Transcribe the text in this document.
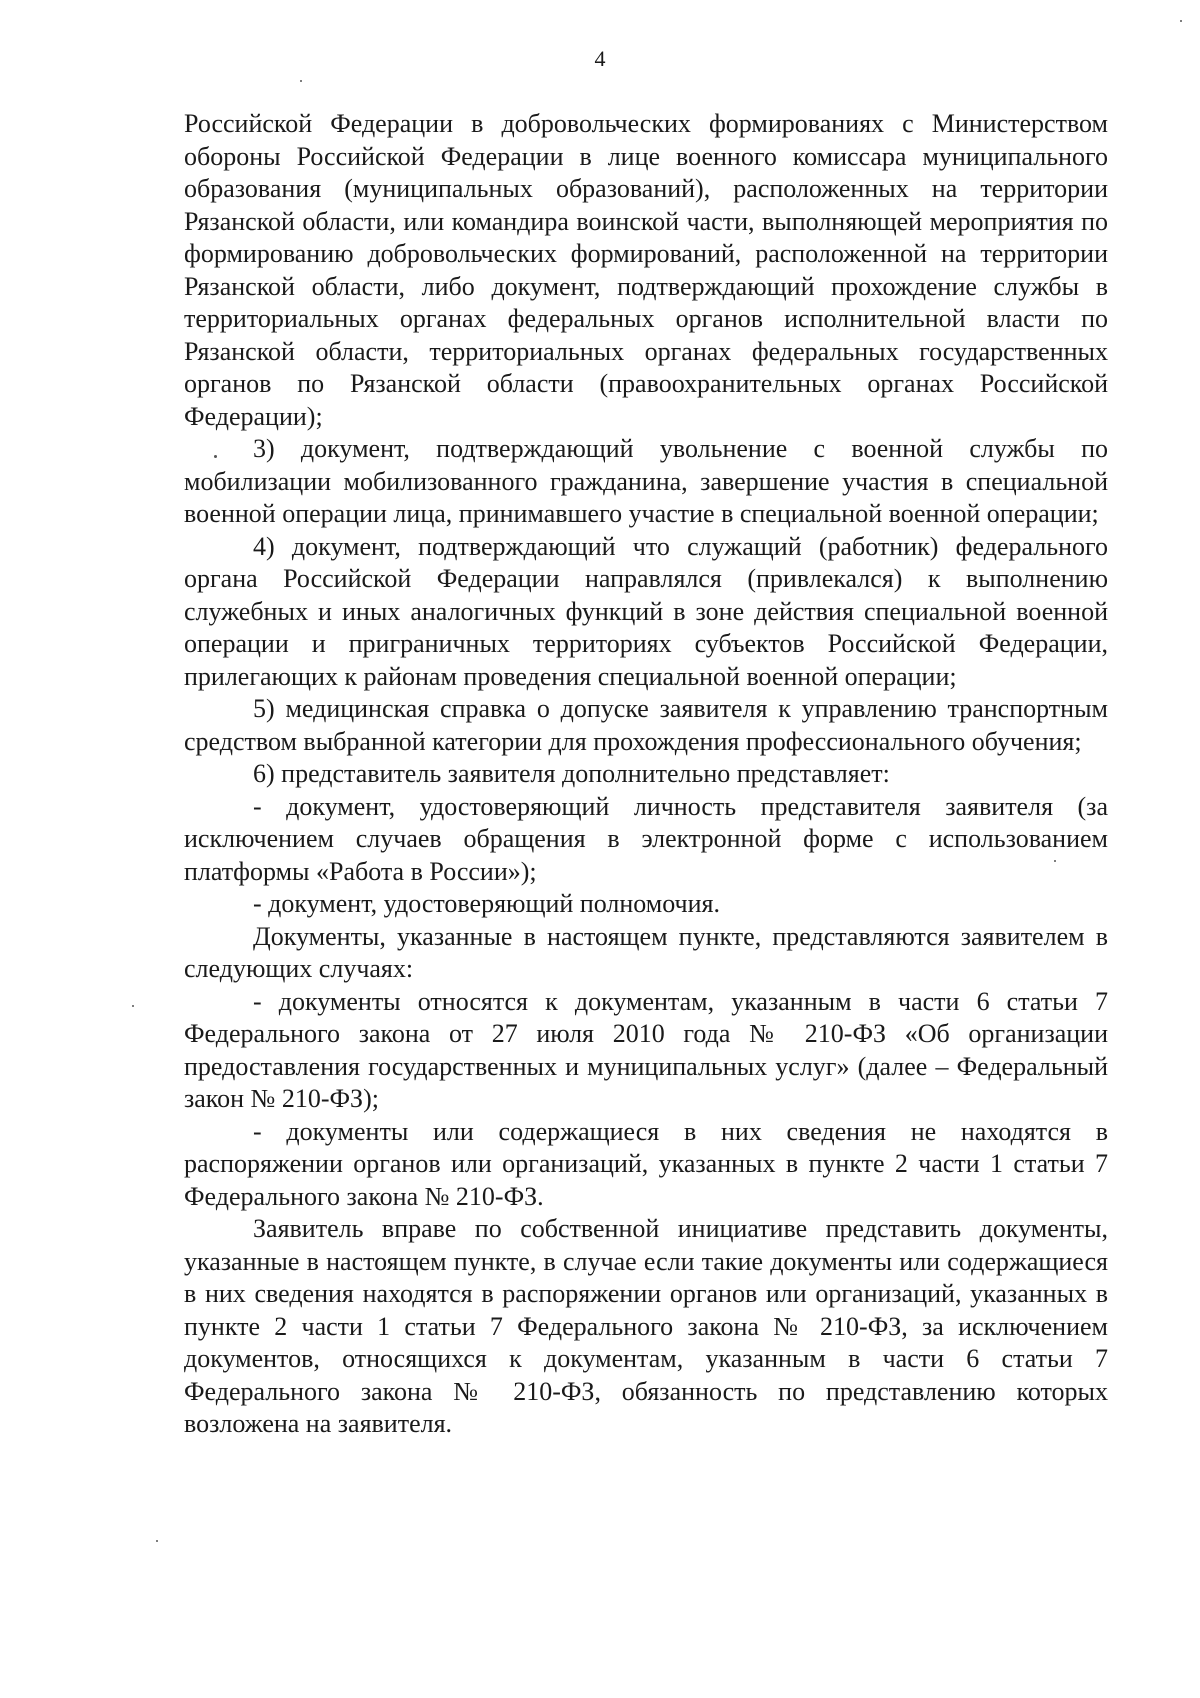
4

Российской Федерации в добровольческих формированиях с Министерством обороны Российской Федерации в лице военного комиссара муниципального образования (муниципальных образований), расположенных на территории Рязанской области, или командира воинской части, выполняющей мероприятия по формированию добровольческих формирований, расположенной на территории Рязанской области, либо документ, подтверждающий прохождение службы в территориальных органах федеральных органов исполнительной власти по Рязанской области, территориальных органах федеральных государственных органов по Рязанской области (правоохранительных органах Российской Федерации);

3) документ, подтверждающий увольнение с военной службы по мобилизации мобилизованного гражданина, завершение участия в специальной военной операции лица, принимавшего участие в специальной военной операции;

4) документ, подтверждающий что служащий (работник) федерального органа Российской Федерации направлялся (привлекался) к выполнению служебных и иных аналогичных функций в зоне действия специальной военной операции и приграничных территориях субъектов Российской Федерации, прилегающих к районам проведения специальной военной операции;

5) медицинская справка о допуске заявителя к управлению транспортным средством выбранной категории для прохождения профессионального обучения;

6) представитель заявителя дополнительно представляет:

- документ, удостоверяющий личность представителя заявителя (за исключением случаев обращения в электронной форме с использованием платформы «Работа в России»);

- документ, удостоверяющий полномочия.

Документы, указанные в настоящем пункте, представляются заявителем в следующих случаях:

- документы относятся к документам, указанным в части 6 статьи 7 Федерального закона от 27 июля 2010 года № 210-ФЗ «Об организации предоставления государственных и муниципальных услуг» (далее – Федеральный закон № 210-ФЗ);

- документы или содержащиеся в них сведения не находятся в распоряжении органов или организаций, указанных в пункте 2 части 1 статьи 7 Федерального закона № 210-ФЗ.

Заявитель вправе по собственной инициативе представить документы, указанные в настоящем пункте, в случае если такие документы или содержащиеся в них сведения находятся в распоряжении органов или организаций, указанных в пункте 2 части 1 статьи 7 Федерального закона № 210-ФЗ, за исключением документов, относящихся к документам, указанным в части 6 статьи 7 Федерального закона № 210-ФЗ, обязанность по представлению которых возложена на заявителя.
